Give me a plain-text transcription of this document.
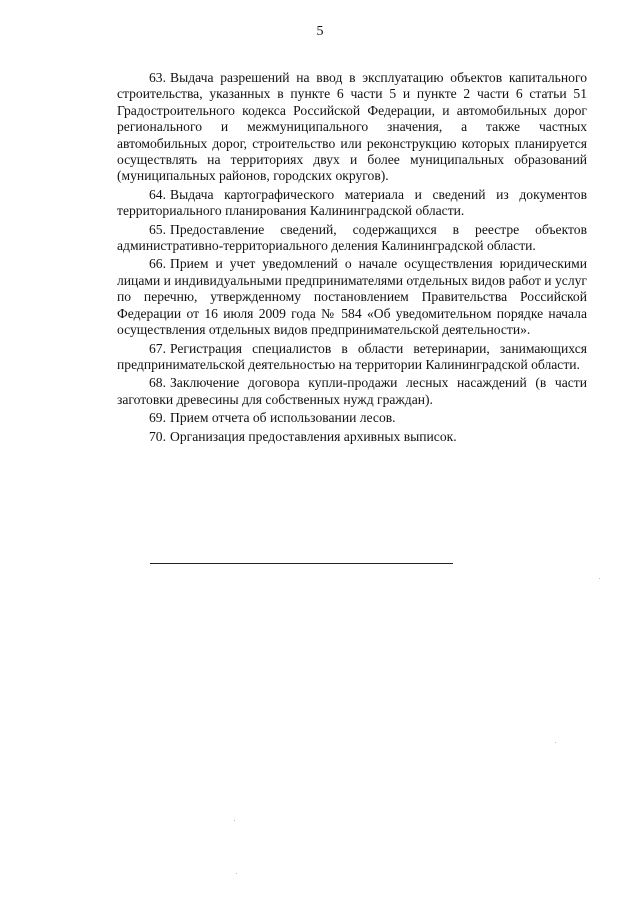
5

63. Выдача разрешений на ввод в эксплуатацию объектов капитального строительства, указанных в пункте 6 части 5 и пункте 2 части 6 статьи 51 Градостроительного кодекса Российской Федерации, и автомобильных дорог регионального и межмуниципального значения, а также частных автомобильных дорог, строительство или реконструкцию которых планируется осуществлять на территориях двух и более муниципальных образований (муниципальных районов, городских округов).

64. Выдача картографического материала и сведений из документов территориального планирования Калининградской области.

65. Предоставление сведений, содержащихся в реестре объектов административно-территориального деления Калининградской области.

66. Прием и учет уведомлений о начале осуществления юридическими лицами и индивидуальными предпринимателями отдельных видов работ и услуг по перечню, утвержденному постановлением Правительства Российской Федерации от 16 июля 2009 года № 584 «Об уведомительном порядке начала осуществления отдельных видов предпринимательской деятельности».

67. Регистрация специалистов в области ветеринарии, занимающихся предпринимательской деятельностью на территории Калининградской области.

68. Заключение договора купли-продажи лесных насаждений (в части заготовки древесины для собственных нужд граждан).

69. Прием отчета об использовании лесов.

70. Организация предоставления архивных выписок.
